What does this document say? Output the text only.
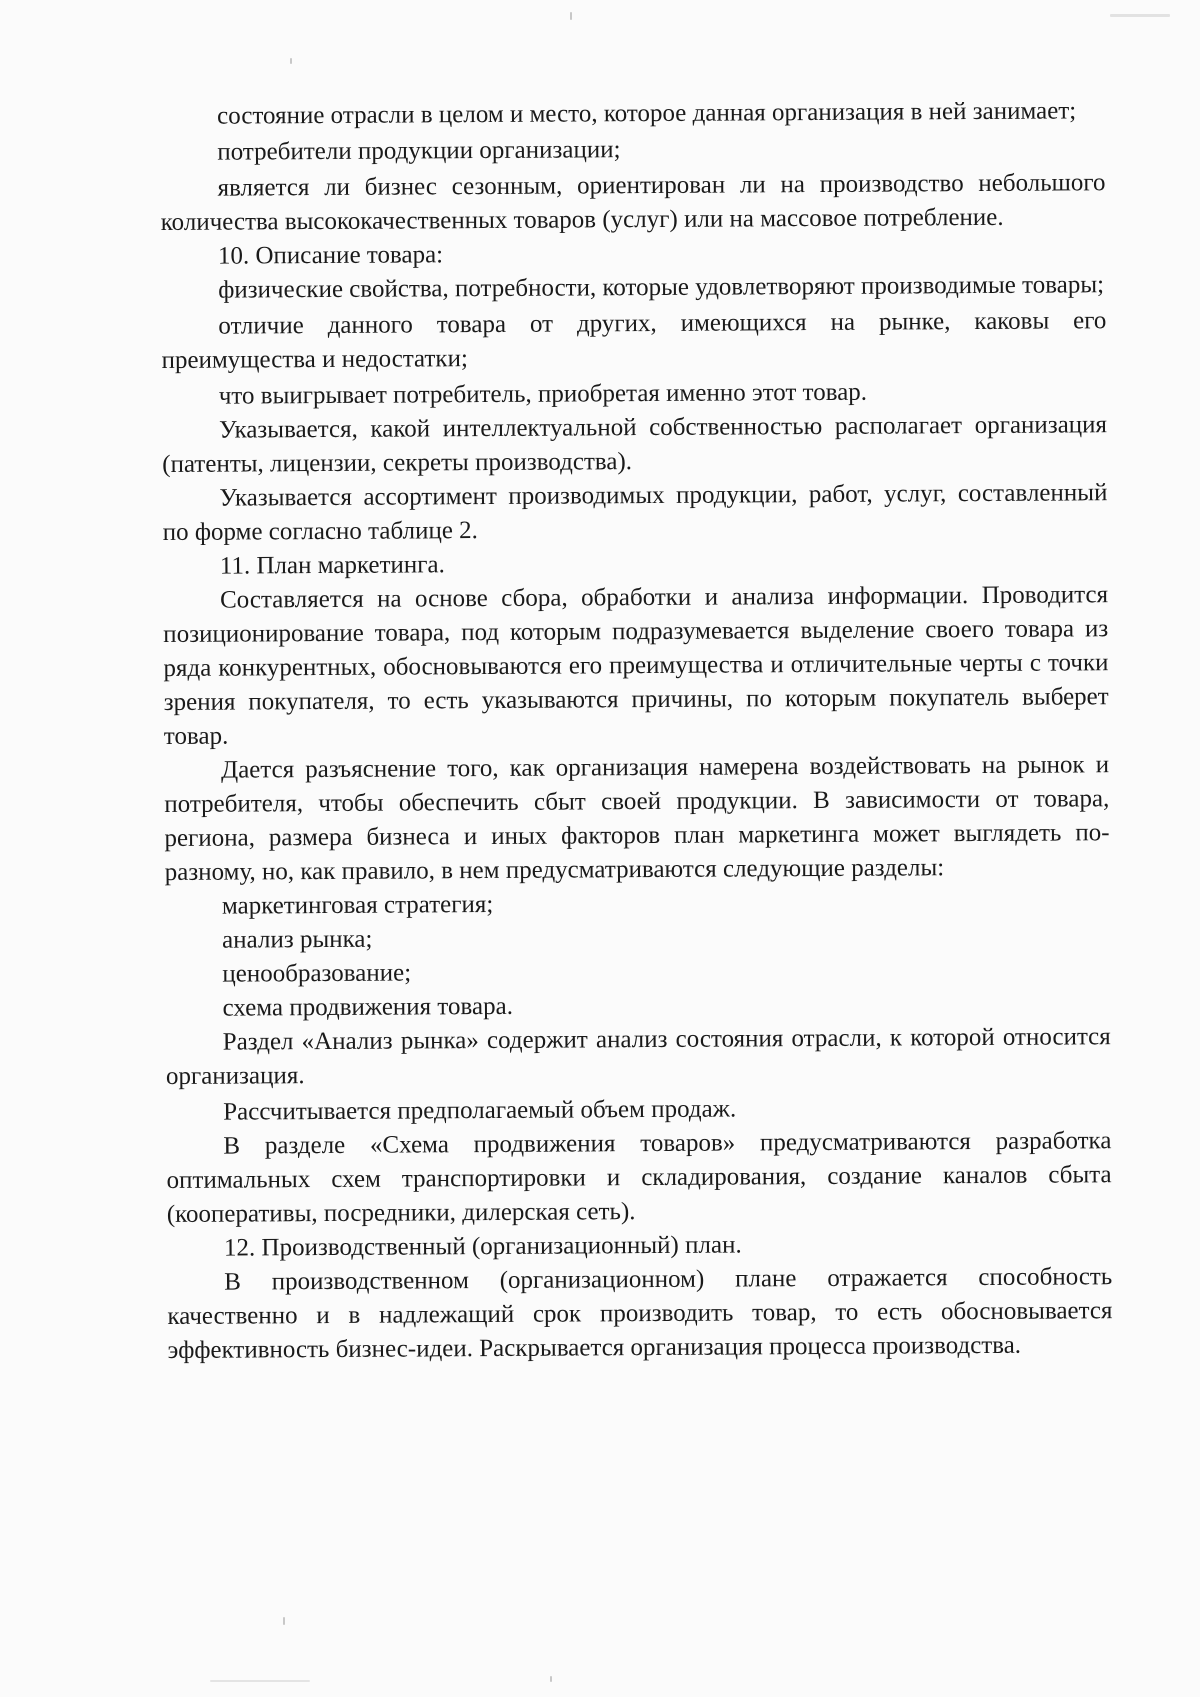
состояние отрасли в целом и место, которое данная организация в ней занимает;

потребители продукции организации;

является ли бизнес сезонным, ориентирован ли на производство небольшого количества высококачественных товаров (услуг) или на массовое потребление.

10. Описание товара:

физические свойства, потребности, которые удовлетворяют производимые товары;

отличие данного товара от других, имеющихся на рынке, каковы его преимущества и недостатки;

что выигрывает потребитель, приобретая именно этот товар.

Указывается, какой интеллектуальной собственностью располагает организация (патенты, лицензии, секреты производства).

Указывается ассортимент производимых продукции, работ, услуг, составленный по форме согласно таблице 2.

11. План маркетинга.

Составляется на основе сбора, обработки и анализа информации. Проводится позиционирование товара, под которым подразумевается выделение своего товара из ряда конкурентных, обосновываются его преимущества и отличительные черты с точки зрения покупателя, то есть указываются причины, по которым покупатель выберет товар.

Дается разъяснение того, как организация намерена воздействовать на рынок и потребителя, чтобы обеспечить сбыт своей продукции. В зависимости от товара, региона, размера бизнеса и иных факторов план маркетинга может выглядеть по-разному, но, как правило, в нем предусматриваются следующие разделы:

маркетинговая стратегия;

анализ рынка;

ценообразование;

схема продвижения товара.

Раздел «Анализ рынка» содержит анализ состояния отрасли, к которой относится организация.

Рассчитывается предполагаемый объем продаж.

В разделе «Схема продвижения товаров» предусматриваются разработка оптимальных схем транспортировки и складирования, создание каналов сбыта (кооперативы, посредники, дилерская сеть).

12. Производственный (организационный) план.

В производственном (организационном) плане отражается способность качественно и в надлежащий срок производить товар, то есть обосновывается эффективность бизнес-идеи. Раскрывается организация процесса производства.
